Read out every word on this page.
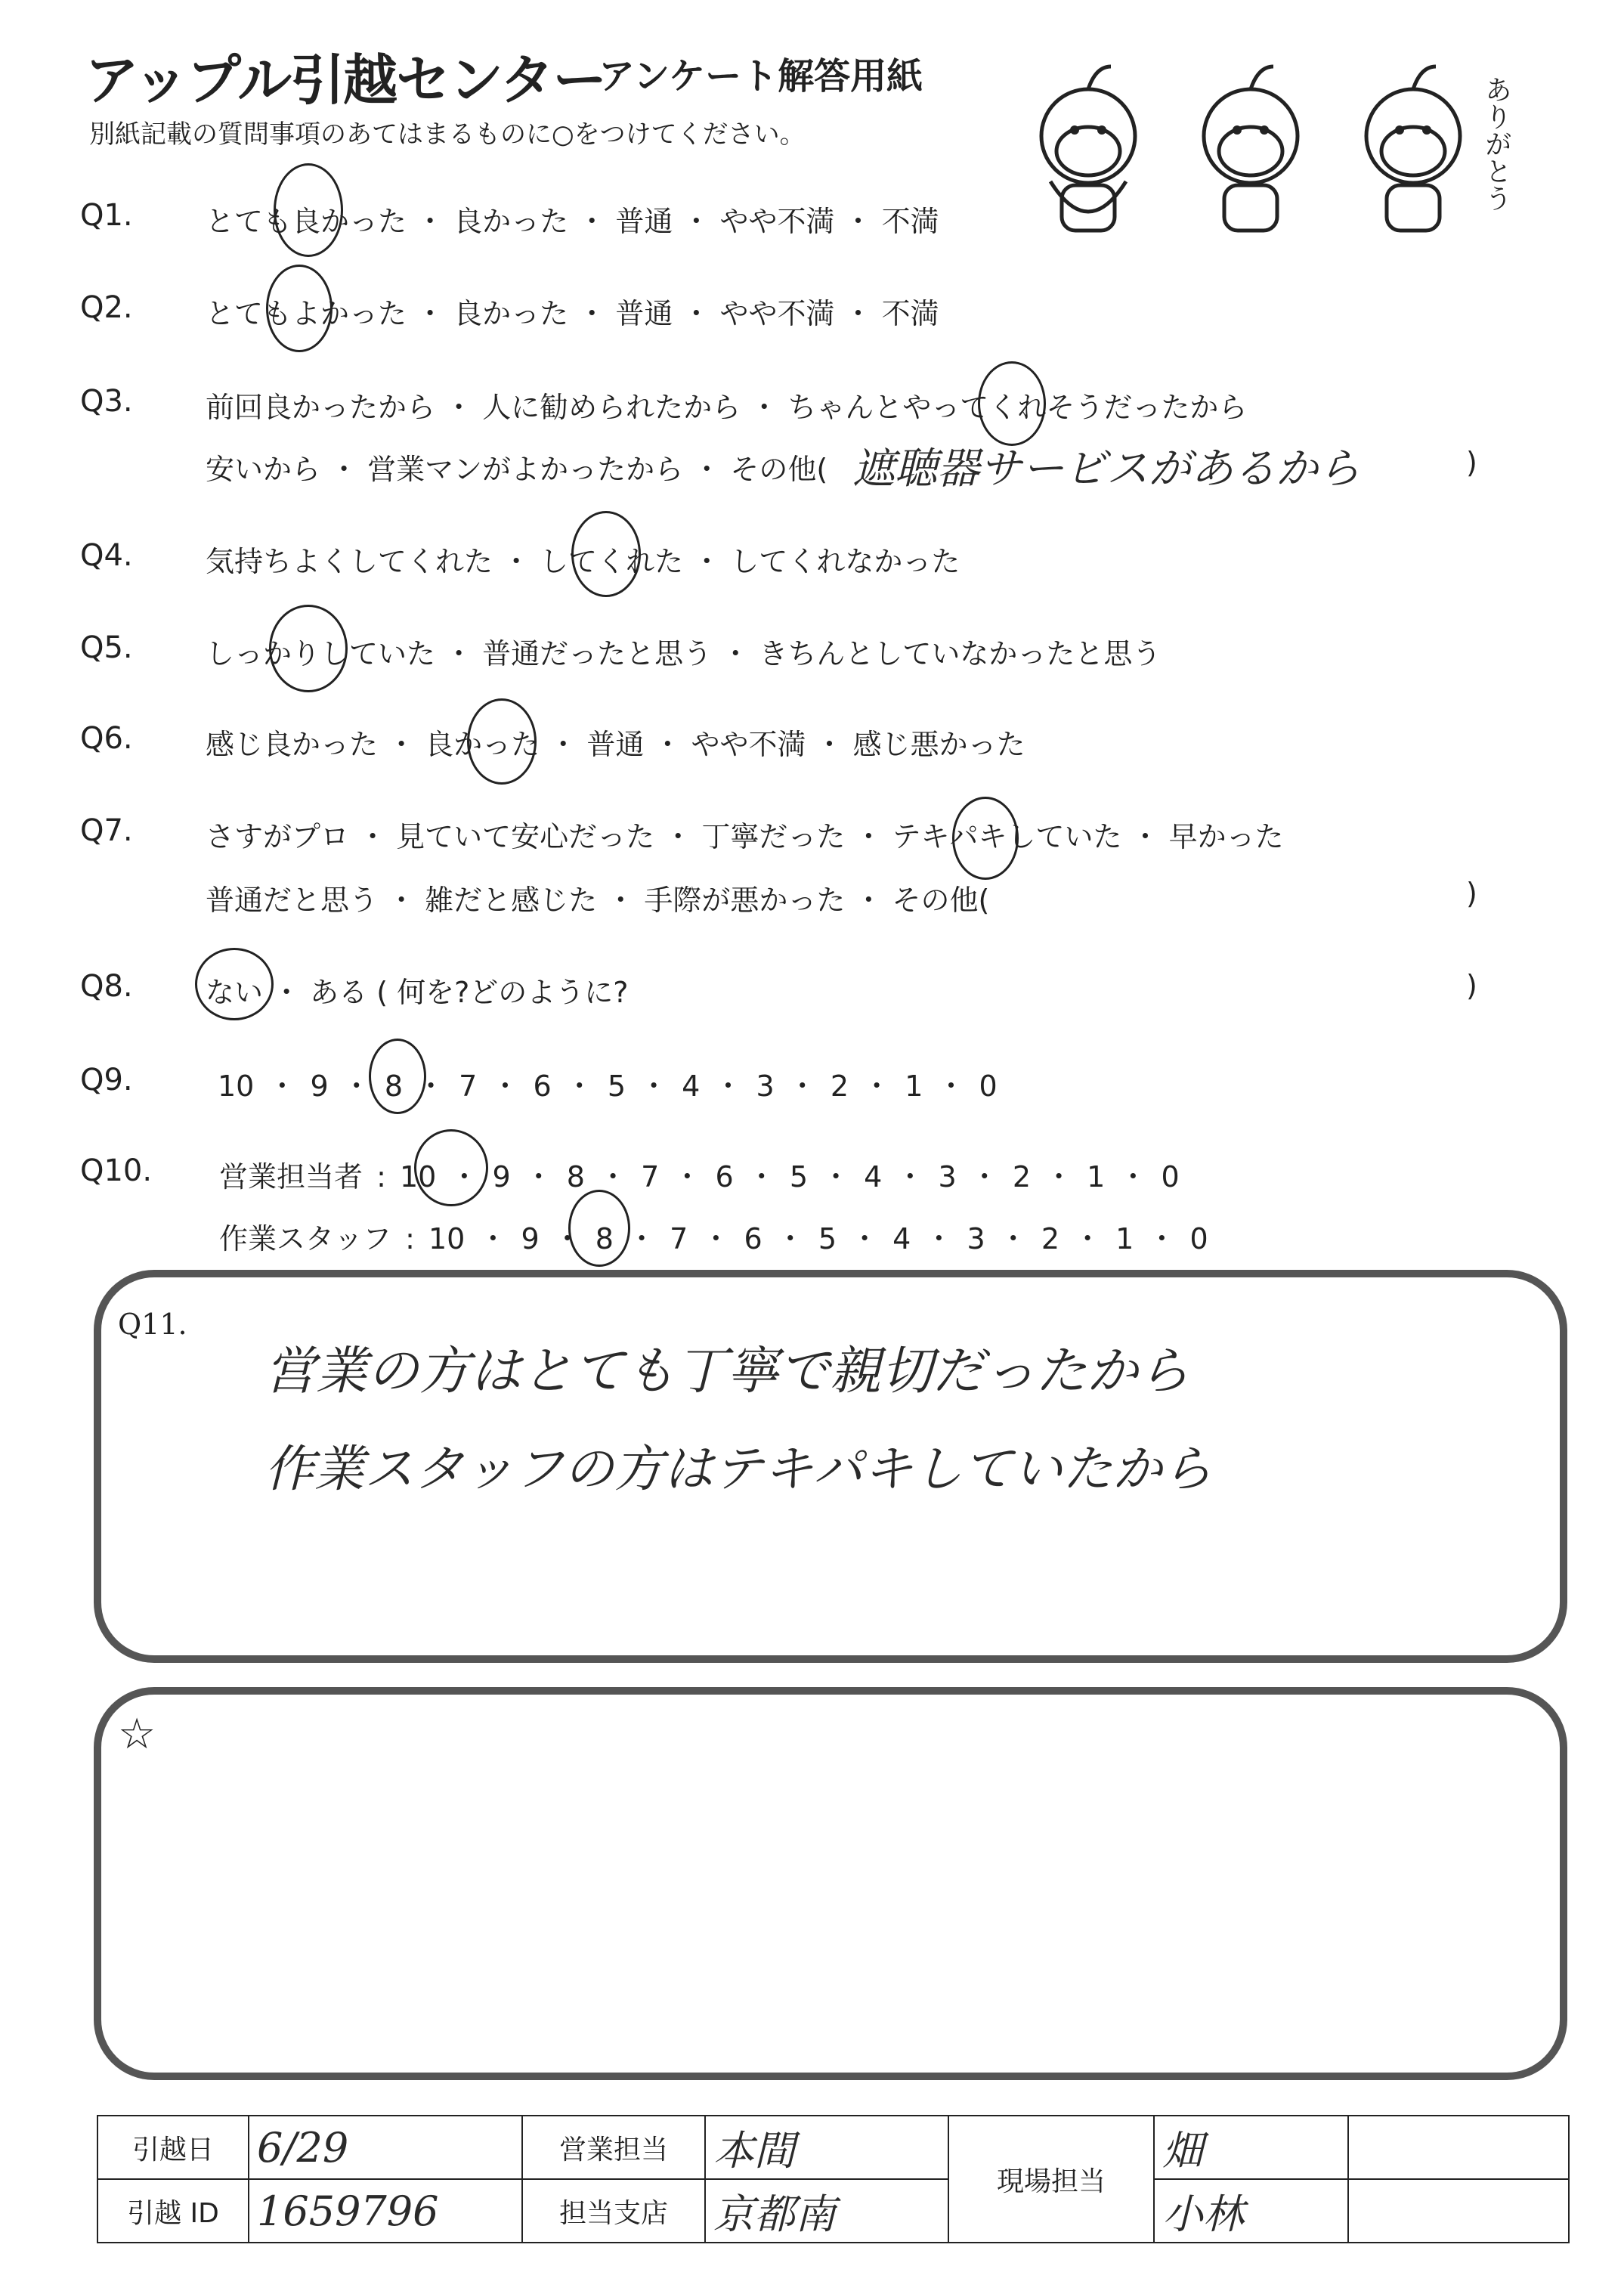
アップル引越センター
アンケート解答用紙
別紙記載の質問事項のあてはまるものに○をつけてください。	ありがとう
Q1.	とても良かった ・ 良かった ・ 普通 ・ やや不満 ・ 不満
Q2.	とてもよかった ・ 良かった ・ 普通 ・ やや不満 ・ 不満
Q3.	前回良かったから ・ 人に勧められたから ・ ちゃんとやってくれそうだったから
安いから ・ 営業マンがよかったから ・ その他( 遮聴器サービスがあるから	)
Q4.	気持ちよくしてくれた ・ してくれた ・ してくれなかった
Q5.	しっかりしていた ・ 普通だったと思う ・ きちんとしていなかったと思う
Q6.	感じ良かった ・ 良かった ・ 普通 ・ やや不満 ・ 感じ悪かった
Q7.	さすがプロ ・ 見ていて安心だった ・ 丁寧だった ・ テキパキしていた ・ 早かった
普通だと思う ・ 雑だと感じた ・ 手際が悪かった ・ その他(	)
Q8.	ない ・ ある ( 何を?どのように?	)
Q9.	10 ・ 9 ・ 8 ・ 7 ・ 6 ・ 5 ・ 4 ・ 3 ・ 2 ・ 1 ・ 0
Q10. 営業担当者 : 10 ・ 9 ・ 8 ・ 7 ・ 6 ・ 5 ・ 4 ・ 3 ・ 2 ・ 1 ・ 0
作業スタッフ : 10 ・ 9 ・ 8 ・ 7 ・ 6 ・ 5 ・ 4 ・ 3 ・ 2 ・ 1 ・ 0
Q11.
営業の方はとても丁寧で親切だったから
作業スタッフの方はテキパキしていたから
☆
引越日	6/29	営業担当	本間	現場担当	畑	
引越 ID	1659796	担当支店	京都南		小林	
